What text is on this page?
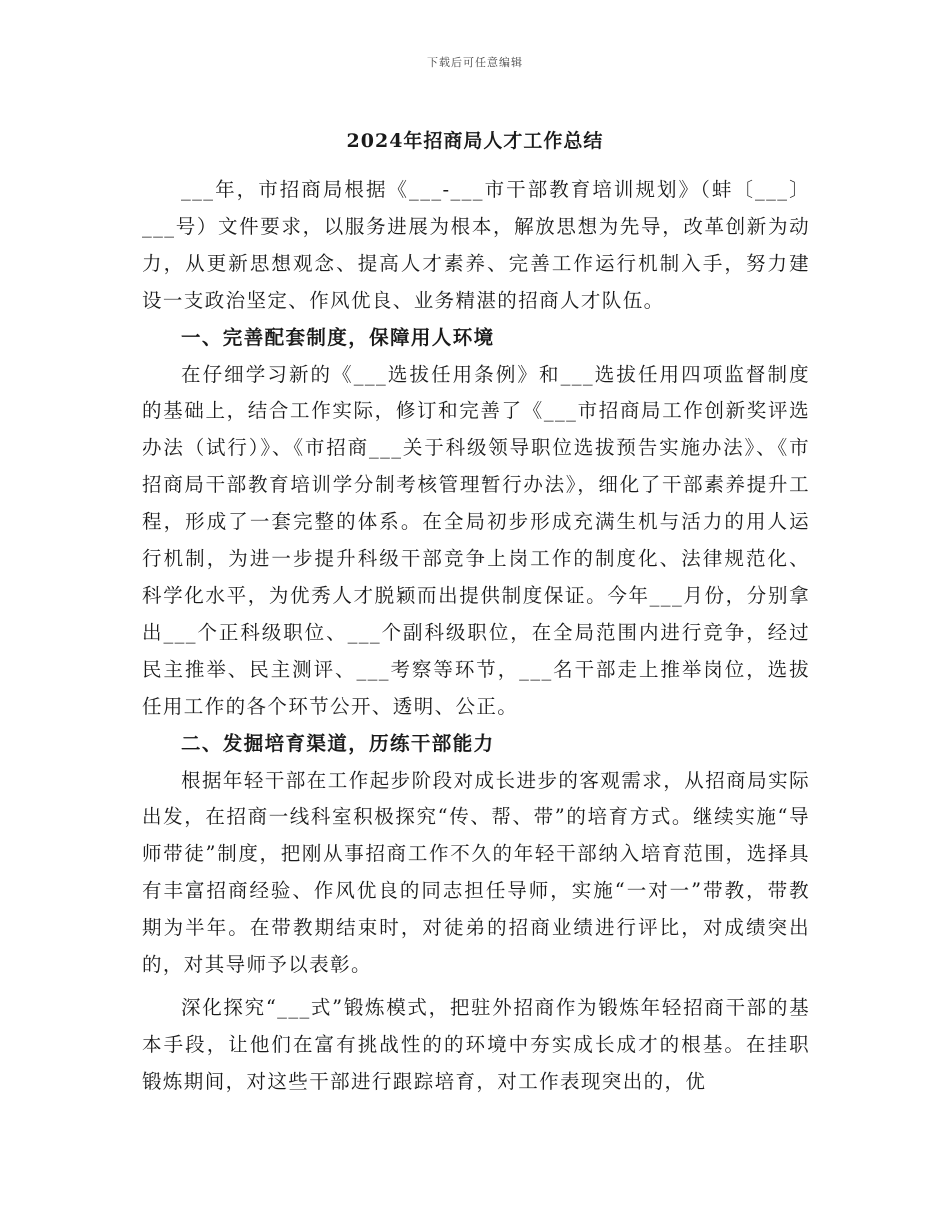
下载后可任意编辑
2024年招商局人才工作总结

___年，市招商局根据《___-___市干部教育培训规划》（蚌〔___〕___号）文件要求，以服务进展为根本，解放思想为先导，改革创新为动力，从更新思想观念、提高人才素养、完善工作运行机制入手，努力建设一支政治坚定、作风优良、业务精湛的招商人才队伍。

一、完善配套制度，保障用人环境

在仔细学习新的《___选拔任用条例》和___选拔任用四项监督制度的基础上，结合工作实际，修订和完善了《___市招商局工作创新奖评选办法（试行）》、《市招商___关于科级领导职位选拔预告实施办法》、《市招商局干部教育培训学分制考核管理暂行办法》，细化了干部素养提升工程，形成了一套完整的体系。在全局初步形成充满生机与活力的用人运行机制，为进一步提升科级干部竞争上岗工作的制度化、法律规范化、科学化水平，为优秀人才脱颖而出提供制度保证。今年___月份，分别拿出___个正科级职位、___个副科级职位，在全局范围内进行竞争，经过民主推举、民主测评、___考察等环节，___名干部走上推举岗位，选拔任用工作的各个环节公开、透明、公正。

二、发掘培育渠道，历练干部能力

根据年轻干部在工作起步阶段对成长进步的客观需求，从招商局实际出发，在招商一线科室积极探究“传、帮、带”的培育方式。继续实施“导师带徒”制度，把刚从事招商工作不久的年轻干部纳入培育范围，选择具有丰富招商经验、作风优良的同志担任导师，实施“一对一”带教，带教期为半年。在带教期结束时，对徒弟的招商业绩进行评比，对成绩突出的，对其导师予以表彰。

深化探究“___式”锻炼模式，把驻外招商作为锻炼年轻招商干部的基本手段，让他们在富有挑战性的的环境中夯实成长成才的根基。在挂职锻炼期间，对这些干部进行跟踪培育，对工作表现突出的，优
